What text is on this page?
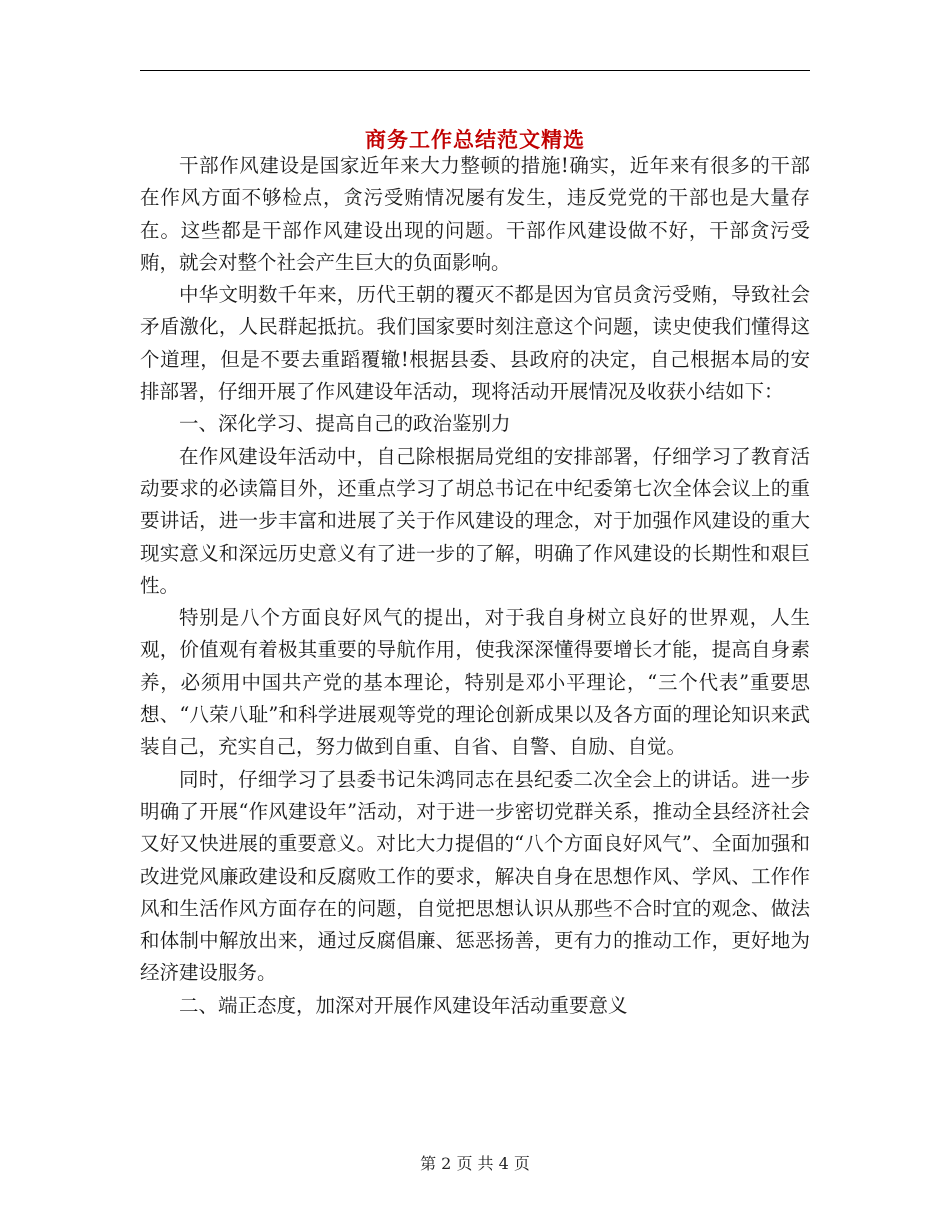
商务工作总结范文精选

干部作风建设是国家近年来大力整顿的措施!确实，近年来有很多的干部在作风方面不够检点，贪污受贿情况屡有发生，违反党党的干部也是大量存在。这些都是干部作风建设出现的问题。干部作风建设做不好，干部贪污受贿，就会对整个社会产生巨大的负面影响。

中华文明数千年来，历代王朝的覆灭不都是因为官员贪污受贿，导致社会矛盾激化，人民群起抵抗。我们国家要时刻注意这个问题，读史使我们懂得这个道理，但是不要去重蹈覆辙!根据县委、县政府的决定，自己根据本局的安排部署，仔细开展了作风建设年活动，现将活动开展情况及收获小结如下：

一、深化学习、提高自己的政治鉴别力

在作风建设年活动中，自己除根据局党组的安排部署，仔细学习了教育活动要求的必读篇目外，还重点学习了胡总书记在中纪委第七次全体会议上的重要讲话，进一步丰富和进展了关于作风建设的理念，对于加强作风建设的重大现实意义和深远历史意义有了进一步的了解，明确了作风建设的长期性和艰巨性。

特别是八个方面良好风气的提出，对于我自身树立良好的世界观，人生观，价值观有着极其重要的导航作用，使我深深懂得要增长才能，提高自身素养，必须用中国共产党的基本理论，特别是邓小平理论，“三个代表”重要思想、“八荣八耻”和科学进展观等党的理论创新成果以及各方面的理论知识来武装自己，充实自己，努力做到自重、自省、自警、自励、自觉。

同时，仔细学习了县委书记朱鸿同志在县纪委二次全会上的讲话。进一步明确了开展“作风建设年”活动，对于进一步密切党群关系，推动全县经济社会又好又快进展的重要意义。对比大力提倡的“八个方面良好风气”、全面加强和改进党风廉政建设和反腐败工作的要求，解决自身在思想作风、学风、工作作风和生活作风方面存在的问题，自觉把思想认识从那些不合时宜的观念、做法和体制中解放出来，通过反腐倡廉、惩恶扬善，更有力的推动工作，更好地为经济建设服务。

二、端正态度，加深对开展作风建设年活动重要意义

第 2 页 共 4 页
